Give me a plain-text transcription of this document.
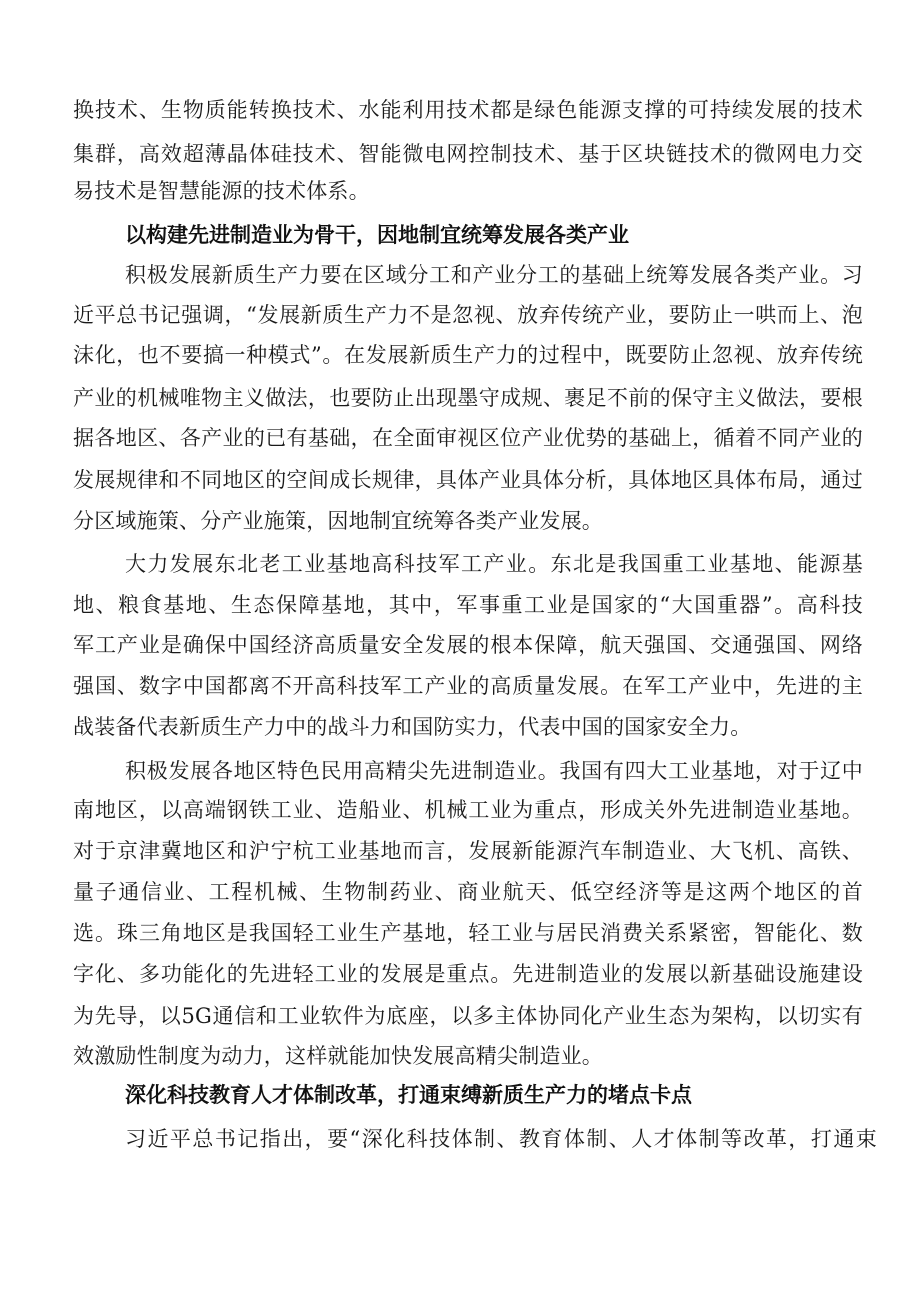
换技术、生物质能转换技术、水能利用技术都是绿色能源支撑的可持续发展的技术

集群，高效超薄晶体硅技术、智能微电网控制技术、基于区块链技术的微网电力交

易技术是智慧能源的技术体系。

以构建先进制造业为骨干，因地制宜统筹发展各类产业

积极发展新质生产力要在区域分工和产业分工的基础上统筹发展各类产业。习

近平总书记强调，“发展新质生产力不是忽视、放弃传统产业，要防止一哄而上、泡

沫化，也不要搞一种模式”。在发展新质生产力的过程中，既要防止忽视、放弃传统

产业的机械唯物主义做法，也要防止出现墨守成规、裹足不前的保守主义做法，要根

据各地区、各产业的已有基础，在全面审视区位产业优势的基础上，循着不同产业的

发展规律和不同地区的空间成长规律，具体产业具体分析，具体地区具体布局，通过

分区域施策、分产业施策，因地制宜统筹各类产业发展。

大力发展东北老工业基地高科技军工产业。东北是我国重工业基地、能源基

地、粮食基地、生态保障基地，其中，军事重工业是国家的“大国重器”。高科技

军工产业是确保中国经济高质量安全发展的根本保障，航天强国、交通强国、网络

强国、数字中国都离不开高科技军工产业的高质量发展。在军工产业中，先进的主

战装备代表新质生产力中的战斗力和国防实力，代表中国的国家安全力。

积极发展各地区特色民用高精尖先进制造业。我国有四大工业基地，对于辽中

南地区，以高端钢铁工业、造船业、机械工业为重点，形成关外先进制造业基地。

对于京津冀地区和沪宁杭工业基地而言，发展新能源汽车制造业、大飞机、高铁、

量子通信业、工程机械、生物制药业、商业航天、低空经济等是这两个地区的首

选。珠三角地区是我国轻工业生产基地，轻工业与居民消费关系紧密，智能化、数

字化、多功能化的先进轻工业的发展是重点。先进制造业的发展以新基础设施建设

为先导，以5G通信和工业软件为底座，以多主体协同化产业生态为架构，以切实有

效激励性制度为动力，这样就能加快发展高精尖制造业。

深化科技教育人才体制改革，打通束缚新质生产力的堵点卡点

习近平总书记指出，要“深化科技体制、教育体制、人才体制等改革，打通束
